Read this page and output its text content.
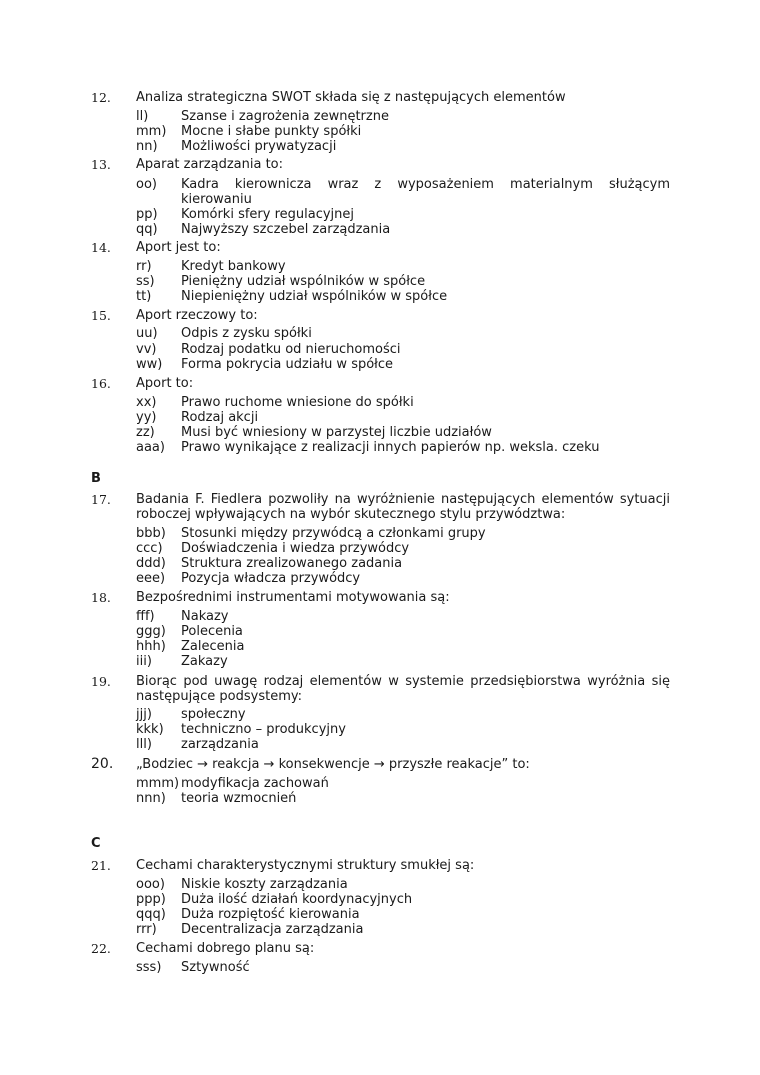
12. Analiza strategiczna SWOT składa się z następujących elementów
ll)	Szanse i zagrożenia zewnętrzne
mm) Mocne i słabe punkty spółki
nn) Możliwości prywatyzacji
13. Aparat zarządzania to:
oo) Kadra kierownicza wraz z wyposażeniem materialnym służącym kierowaniu
pp) Komórki sfery regulacyjnej
qq) Najwyższy szczebel zarządzania
14. Aport jest to:
rr) Kredyt bankowy
ss) Pieniężny udział wspólników w spółce
tt) Niepieniężny udział wspólników w spółce
15. Aport rzeczowy to:
uu) Odpis z zysku spółki
vv) Rodzaj podatku od nieruchomości
ww) Forma pokrycia udziału w spółce
16. Aport to:
xx) Prawo ruchome wniesione do spółki
yy) Rodzaj akcji
zz) Musi być wniesiony w parzystej liczbie udziałów
aaa) Prawo wynikające z realizacji innych papierów np. weksla. czeku
B
17. Badania F. Fiedlera pozwoliły na wyróżnienie następujących elementów sytuacji roboczej wpływających na wybór skutecznego stylu przywództwa:
bbb) Stosunki między przywódcą a członkami grupy
ccc) Doświadczenia i wiedza przywódcy
ddd) Struktura zrealizowanego zadania
eee) Pozycja władcza przywódcy
18. Bezpośrednimi instrumentami motywowania są:
fff) Nakazy
ggg) Polecenia
hhh) Zalecenia
iii) Zakazy
19. Biorąc pod uwagę rodzaj elementów w systemie przedsiębiorstwa wyróżnia się następujące podsystemy:
jjj) społeczny
kkk) techniczno – produkcyjny
lll) zarządzania
20. „Bodziec → reakcja → konsekwencje → przyszłe reakacje” to:
mmm) modyfikacja zachowań
nnn) teoria wzmocnień
C
21. Cechami charakterystycznymi struktury smukłej są:
ooo) Niskie koszty zarządzania
ppp) Duża ilość działań koordynacyjnych
qqq) Duża rozpiętość kierowania
rrr) Decentralizacja zarządzania
22. Cechami dobrego planu są:
sss) Sztywność
